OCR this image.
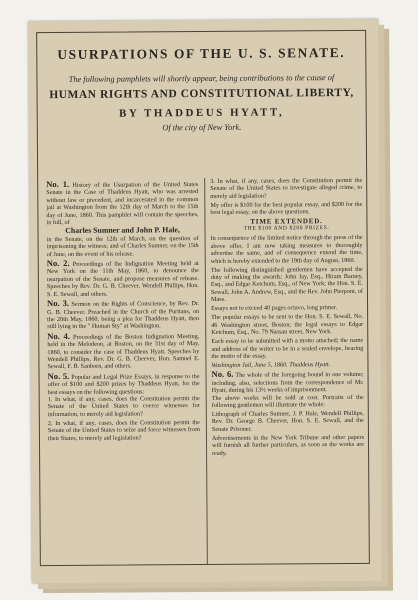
USURPATIONS OF THE U. S. SENATE.
The following pamphlets will shortly appear, being contributions to the cause of
HUMAN RIGHTS AND CONSTITUTIONAL LIBERTY,
BY THADDEUS HYATT,
Of the city of New York.
No. 1. History of the Usurpation of the United States Senate in the Case of Thaddeus Hyatt, who was arrested without law or precedent, and incarcerated in the common jail at Washington from the 12th day of March to the 15th day of June, 1860. This pamphlet will contain the speeches, in full, of
Charles Sumner and John P. Hale,

in the Senate, on the 12th of March, on the question of imprisoning the witness; and of Charles Sumner, on the 15th of June, on the event of his release.

No. 2. Proceedings of the Indignation Meeting held at New York on the 11th May, 1860, to denounce the usurpation of the Senate, and propose measures of release. Speeches by Rev. Dr. G. B. Cheever, Wendell Phillips, Hon. S. E. Sewall, and others.
No. 3. Sermon on the Rights of Conscience, by Rev. Dr. G. B. Cheever. Preached in the Church of the Puritans, on the 20th May, 1860, being a plea for Thaddeus Hyatt, then still lying in the " Human Sty" at Washington.
No. 4. Proceedings of the Boston Indignation Meeting, held in the Melodeon, at Boston, on the 31st day of May, 1860, to consider the case of Thaddeus Hyatt. Speeches by Wendell Phillips, Rev. Dr. G. B. Cheever, Hon. Samuel E. Sewall, F. B. Sanborn, and others.
No. 5. Popular and Legal Prize Essays, in response to the offer of $100 and $200 prizes by Thaddeus Hyatt, for the best essays on the following questions:

1. In what, if any, cases, does the Constitution permit the Senate of the United States to coerce witnesses for information, to merely aid legislation?

2. In what, if any, cases, does the Constitution permit the Senate of the United States to seize and force witnesses from their States, to merely aid legislation?

3. In what, if any, cases, does the Constitution permit the Senate of the United States to investigate alleged crime, to merely aid legislation?

My offer is $100 for the best popular essay, and $200 for the best legal essay, on the above questions.

TIME EXTENDED.
THE $100 AND $200 PRIZES.

In consequence of the limited notice through the press of the above offer, I am now taking measures to thoroughly advertise the same, and of consequence extend the time, which is hereby extended to the 19th day of August, 1860.

The following distinguished gentlemen have accepted the duty of making the awards: John Jay, Esq., Hiram Barney, Esq., and Edgar Ketchum, Esq., of New York; the Hon. S. E. Sewall, John A. Andrew, Esq., and the Rev. John Pierpont, of Mass.

Essays not to exceed 40 pages octavo, long primer.

The popular essays to be sent to the Hon. S. E. Sewall, No. 46 Washington street, Boston; the legal essays to Edgar Ketchum, Esq., No. 79 Nassau street, New York.

Each essay to be submitted with a motto attached; the name and address of the writer to be in a sealed envelope, bearing the motto of the essay.

Washington Jail, June 5, 1860. Thaddeus Hyatt.

No. 6. The whole of the foregoing bound in one volume; including, also, selections from the correspondence of Mr. Hyatt, during his 13½ weeks of imprisonment.

The above works will be sold at cost. Portraits of the following gentlemen will illustrate the whole:

Lithograph of Charles Sumner, J. P. Hale, Wendell Phillips, Rev. Dr. George B. Cheever, Hon. S. E. Sewall, and the Senate Prisoner.

Advertisements in the New York Tribune and other papers will furnish all further particulars, as soon as the works are ready.
